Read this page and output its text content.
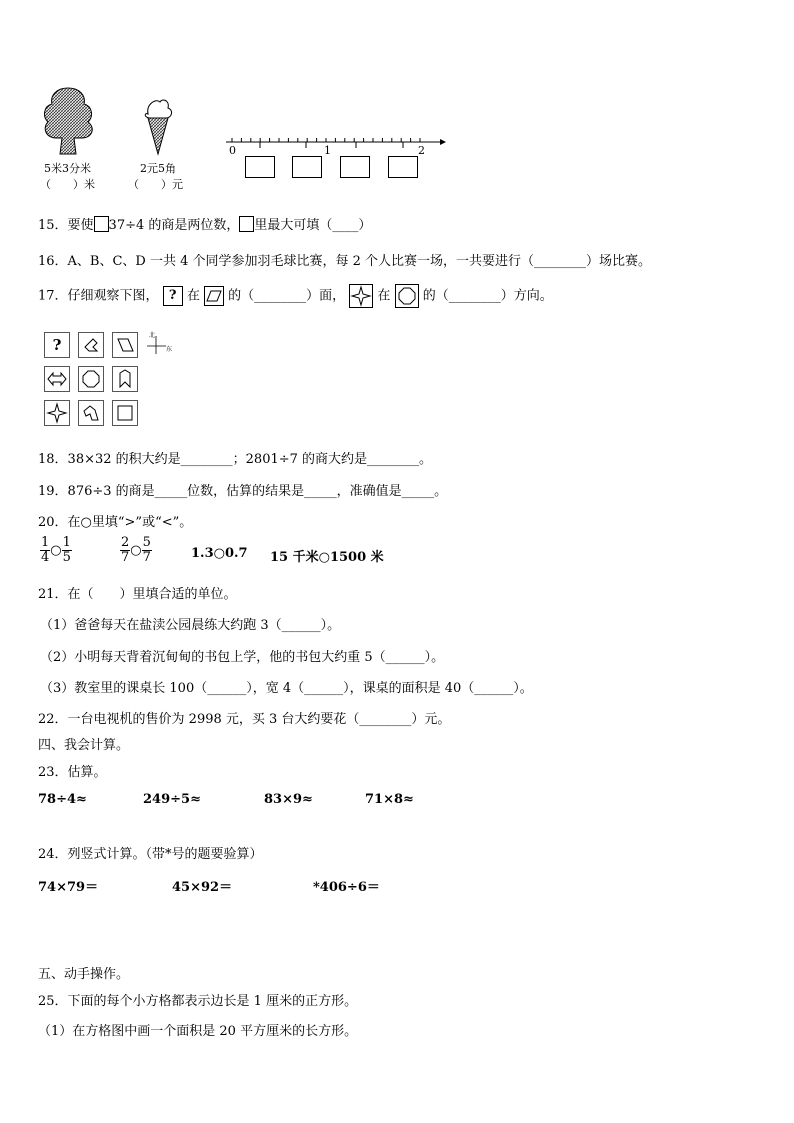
5米3分米
（　　）米
2元5角
（　　）元
0	1	2
15．要使 37÷4 的商是两位数， 里最大可填（____）
16．A、B、C、D 一共 4 个同学参加羽毛球比赛，每 2 个人比赛一场，一共要进行（________）场比赛。
17．仔细观察下图， ? 在 的（________）面， 在 的（________）方向。
?
北
东
18．38×32 的积大约是________；2801÷7 的商大约是________。
19．876÷3 的商是_____位数，估算的结果是_____，准确值是_____。
20．在○里填“>”或“<”。
$\frac{1}{4}$ ○ $\frac{1}{5}$	$\frac{2}{7}$ ○ $\frac{5}{7}$	1.3○0.7 15 千米○1500 米
21．在（　　）里填合适的单位。
（1）爸爸每天在盐渎公园晨练大约跑 3（______）。
（2）小明每天背着沉甸甸的书包上学，他的书包大约重 5（______）。
（3）教室里的课桌长 100（______），宽 4（______），课桌的面积是 40（______）。
22．一台电视机的售价为 2998 元，买 3 台大约要花（________）元。
四、我会计算。
23．估算。
78÷4≈	249÷5≈	83×9≈	71×8≈
24．列竖式计算。（带*号的题要验算）
74×79＝	45×92＝	*406÷6＝
五、动手操作。
25．下面的每个小方格都表示边长是 1 厘米的正方形。
（1）在方格图中画一个面积是 20 平方厘米的长方形。
